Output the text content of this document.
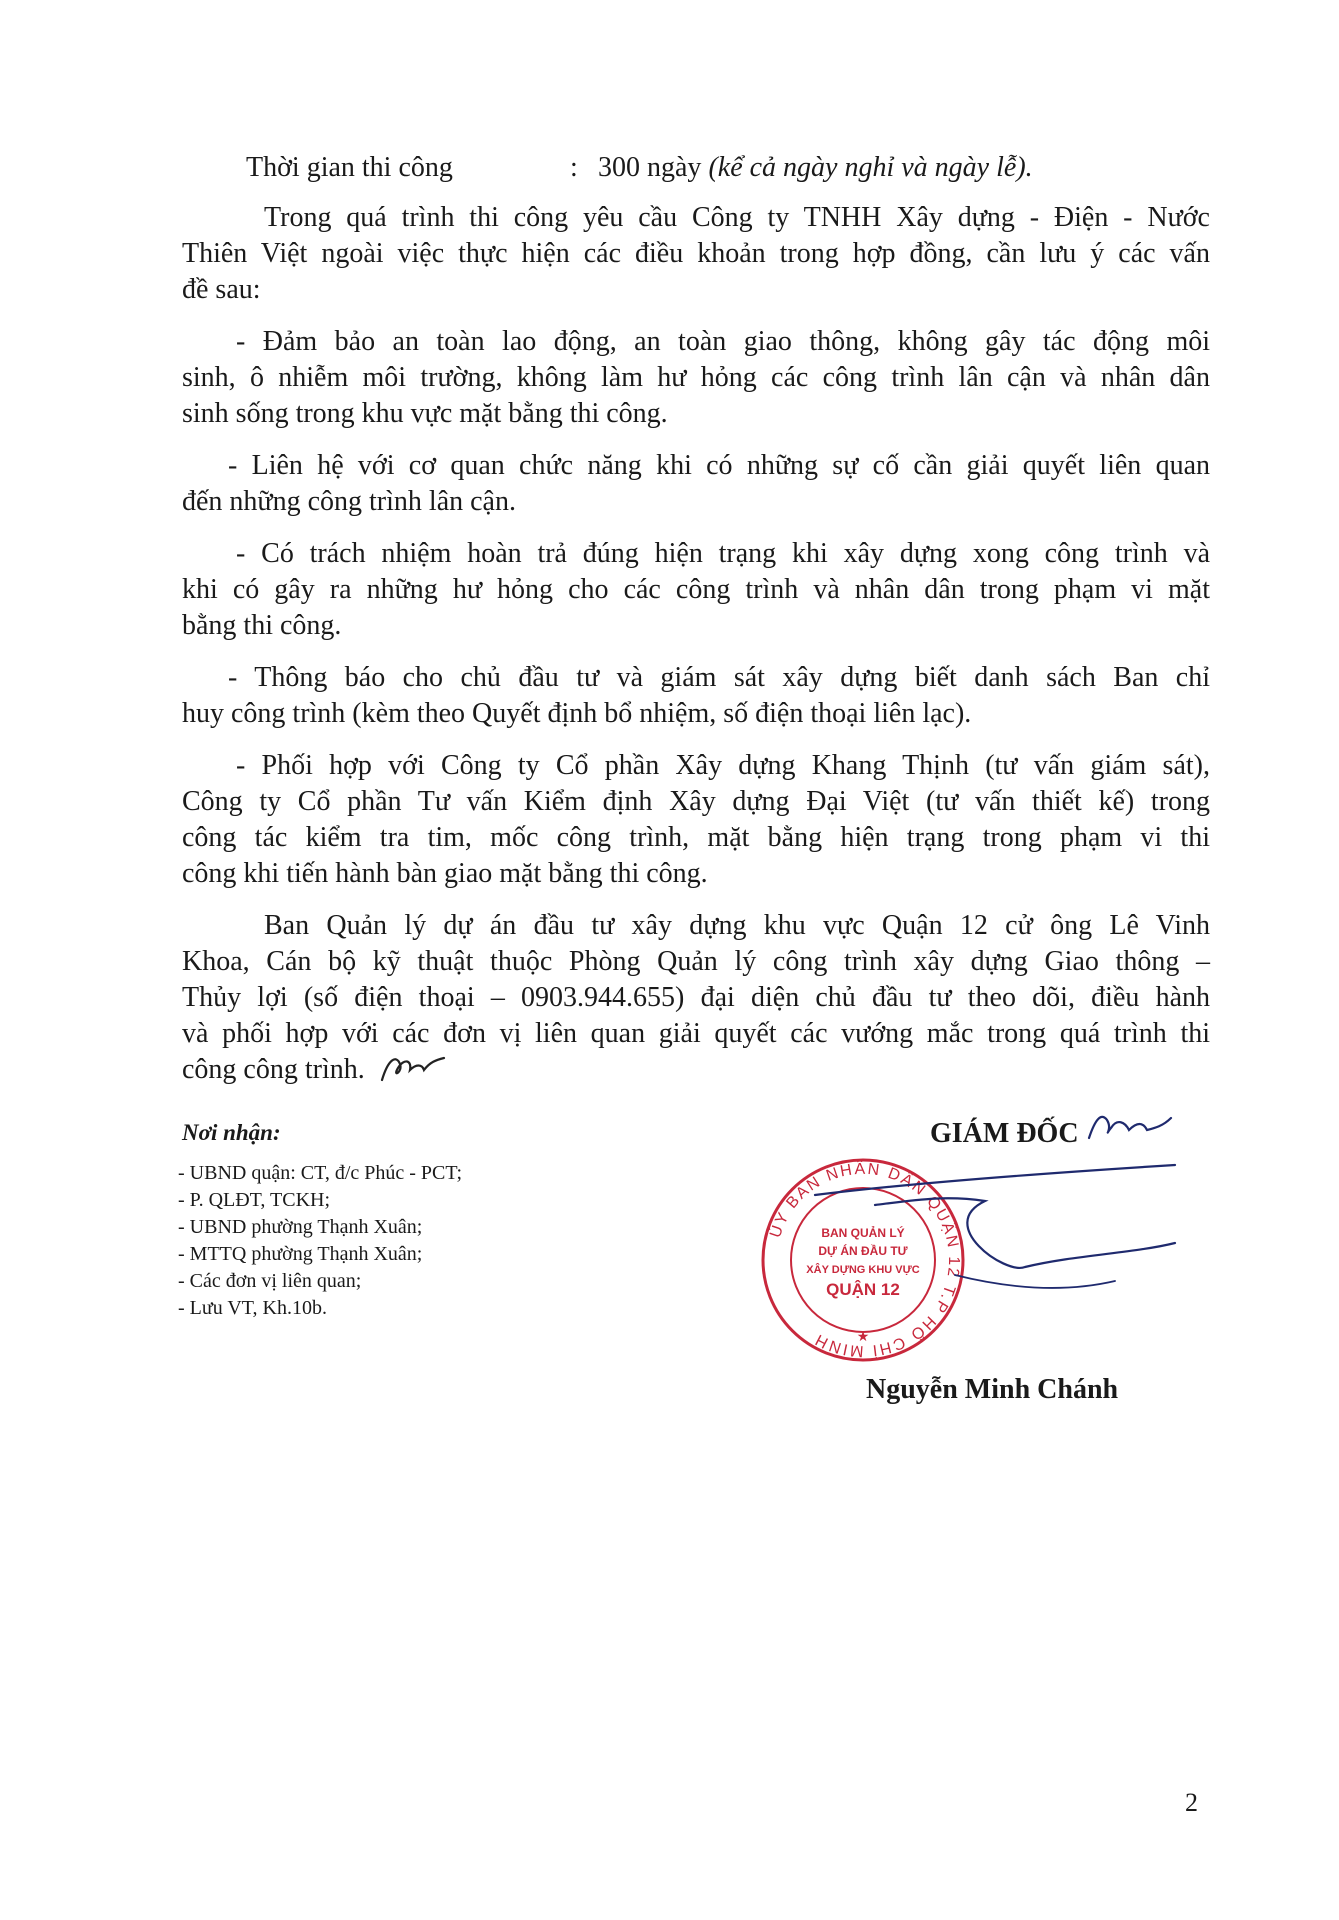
Thời gian thi công	: 300 ngày (kể cả ngày nghỉ và ngày lễ).
Trong quá trình thi công yêu cầu Công ty TNHH Xây dựng - Điện - Nước
Thiên Việt ngoài việc thực hiện các điều khoản trong hợp đồng, cần lưu ý các vấn
đề sau:
- Đảm bảo an toàn lao động, an toàn giao thông, không gây tác động môi
sinh, ô nhiễm môi trường, không làm hư hỏng các công trình lân cận và nhân dân
sinh sống trong khu vực mặt bằng thi công.
- Liên hệ với cơ quan chức năng khi có những sự cố cần giải quyết liên quan
đến những công trình lân cận.
- Có trách nhiệm hoàn trả đúng hiện trạng khi xây dựng xong công trình và
khi có gây ra những hư hỏng cho các công trình và nhân dân trong phạm vi mặt
bằng thi công.
- Thông báo cho chủ đầu tư và giám sát xây dựng biết danh sách Ban chỉ
huy công trình (kèm theo Quyết định bổ nhiệm, số điện thoại liên lạc).
- Phối hợp với Công ty Cổ phần Xây dựng Khang Thịnh (tư vấn giám sát),
Công ty Cổ phần Tư vấn Kiểm định Xây dựng Đại Việt (tư vấn thiết kế) trong
công tác kiểm tra tim, mốc công trình, mặt bằng hiện trạng trong phạm vi thi
công khi tiến hành bàn giao mặt bằng thi công.
Ban Quản lý dự án đầu tư xây dựng khu vực Quận 12 cử ông Lê Vinh
Khoa, Cán bộ kỹ thuật thuộc Phòng Quản lý công trình xây dựng Giao thông –
Thủy lợi (số điện thoại – 0903.944.655) đại diện chủ đầu tư theo dõi, điều hành
và phối hợp với các đơn vị liên quan giải quyết các vướng mắc trong quá trình thi
công công trình.
Nơi nhận:
- UBND quận: CT, đ/c Phúc - PCT;
- P. QLĐT, TCKH;
- UBND phường Thạnh Xuân;
- MTTQ phường Thạnh Xuân;
- Các đơn vị liên quan;
- Lưu VT, Kh.10b.
GIÁM ĐỐC
ỦY BAN NHÂN DÂN QUẬN 12 T.P HỒ CHÍ MINH
BAN QUẢN LÝ
DỰ ÁN ĐẦU TƯ
XÂY DỰNG KHU VỰC
QUẬN 12
★
Nguyễn Minh Chánh
2
